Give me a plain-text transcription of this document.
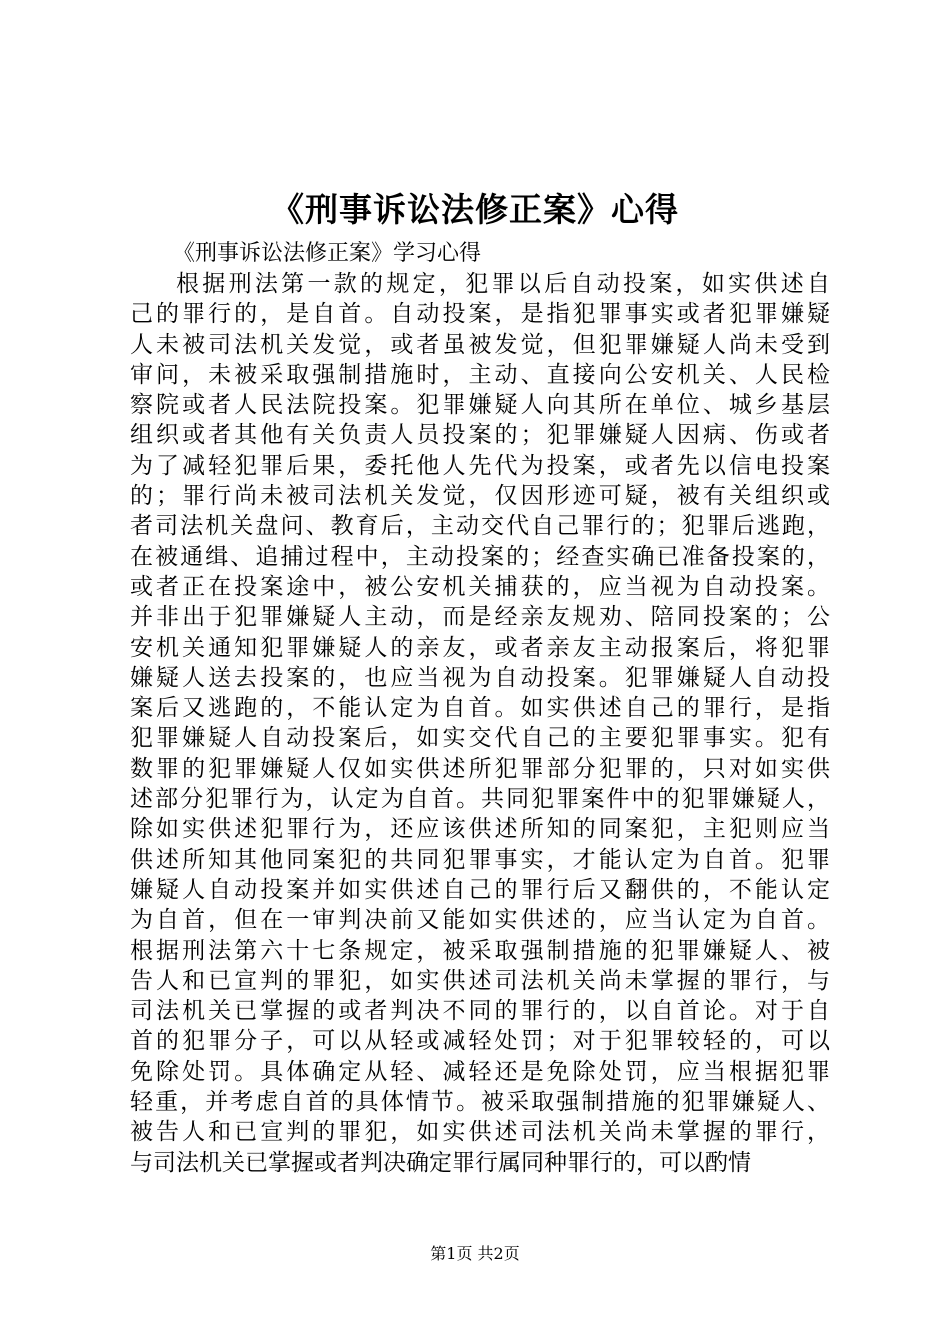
《刑事诉讼法修正案》心得
《刑事诉讼法修正案》学习心得
根据刑法第一款的规定，犯罪以后自动投案，如实供述自
己的罪行的，是自首。自动投案，是指犯罪事实或者犯罪嫌疑
人未被司法机关发觉，或者虽被发觉，但犯罪嫌疑人尚未受到
审问，未被采取强制措施时，主动、直接向公安机关、人民检
察院或者人民法院投案。犯罪嫌疑人向其所在单位、城乡基层
组织或者其他有关负责人员投案的；犯罪嫌疑人因病、伤或者
为了减轻犯罪后果，委托他人先代为投案，或者先以信电投案
的；罪行尚未被司法机关发觉，仅因形迹可疑，被有关组织或
者司法机关盘问、教育后，主动交代自己罪行的；犯罪后逃跑，
在被通缉、追捕过程中，主动投案的；经查实确已准备投案的，
或者正在投案途中，被公安机关捕获的，应当视为自动投案。
并非出于犯罪嫌疑人主动，而是经亲友规劝、陪同投案的；公
安机关通知犯罪嫌疑人的亲友，或者亲友主动报案后，将犯罪
嫌疑人送去投案的，也应当视为自动投案。犯罪嫌疑人自动投
案后又逃跑的，不能认定为自首。如实供述自己的罪行，是指
犯罪嫌疑人自动投案后，如实交代自己的主要犯罪事实。犯有
数罪的犯罪嫌疑人仅如实供述所犯罪部分犯罪的，只对如实供
述部分犯罪行为，认定为自首。共同犯罪案件中的犯罪嫌疑人，
除如实供述犯罪行为，还应该供述所知的同案犯，主犯则应当
供述所知其他同案犯的共同犯罪事实，才能认定为自首。犯罪
嫌疑人自动投案并如实供述自己的罪行后又翻供的，不能认定
为自首，但在一审判决前又能如实供述的，应当认定为自首。
根据刑法第六十七条规定，被采取强制措施的犯罪嫌疑人、被
告人和已宣判的罪犯，如实供述司法机关尚未掌握的罪行，与
司法机关已掌握的或者判决不同的罪行的，以自首论。对于自
首的犯罪分子，可以从轻或减轻处罚；对于犯罪较轻的，可以
免除处罚。具体确定从轻、减轻还是免除处罚，应当根据犯罪
轻重，并考虑自首的具体情节。被采取强制措施的犯罪嫌疑人、
被告人和已宣判的罪犯，如实供述司法机关尚未掌握的罪行，
与司法机关已掌握或者判决确定罪行属同种罪行的，可以酌情
第1页 共2页
